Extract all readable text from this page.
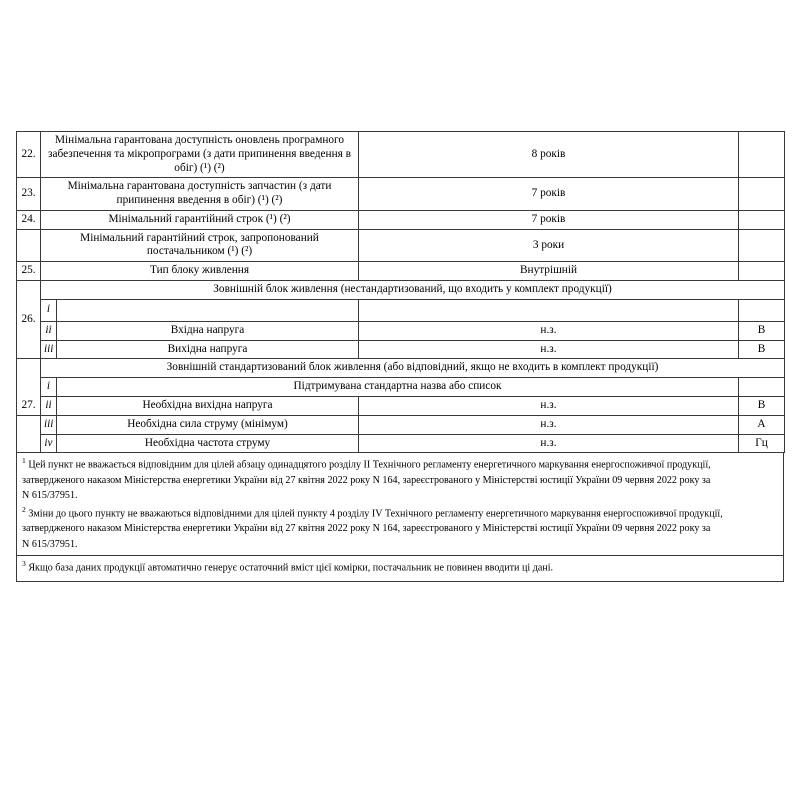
22.	Мінімальна гарантована доступність оновлень програмного забезпечення та мікропрограми (з дати припинення введення в обіг) (¹) (²)		8 років	
23.	Мінімальна гарантована доступність запчастин (з дати припинення введення в обіг) (¹) (²)		7 років	
24.	Мінімальний гарантійний строк (¹) (²)		7 років	
	Мінімальний гарантійний строк, запропонований постачальником (¹) (²)		3 роки	
25.	Тип блоку живлення		Внутрішній	
26.	Зовнішній блок живлення (нестандартизований, що входить у комплект продукції)			
	i			
	ii	Вхідна напруга	н.з.	В
	iii	Вихідна напруга	н.з.	В
	Зовнішній стандартизований блок живлення (або відповідний, якщо не входить в комплект продукції)			
	i	Підтримувана стандартна назва або список		
27.	ii	Необхідна вихідна напруга	н.з.	В
	iii	Необхідна сила струму (мінімум)	н.з.	А
	iv	Необхідна частота струму	н.з.	Гц

$^1$ Цей пункт не вважається відповідним для цілей абзацу одинадцятого розділу II Технічного регламенту енергетичного маркування енергоспоживчої продукції,

затвердженого наказом Міністерства енергетики України від 27 квітня 2022 року N 164, зареєстрованого у Міністерстві юстиції України 09 червня 2022 року за

N 615/37951.

$^2$ Зміни до цього пункту не вважаються відповідними для цілей пункту 4 розділу IV Технічного регламенту енергетичного маркування енергоспоживчої продукції,

затвердженого наказом Міністерства енергетики України від 27 квітня 2022 року N 164, зареєстрованого у Міністерстві юстиції України 09 червня 2022 року за

N 615/37951.

$^3$ Якщо база даних продукції автоматично генерує остаточний вміст цієї комірки, постачальник не повинен вводити ці дані.
